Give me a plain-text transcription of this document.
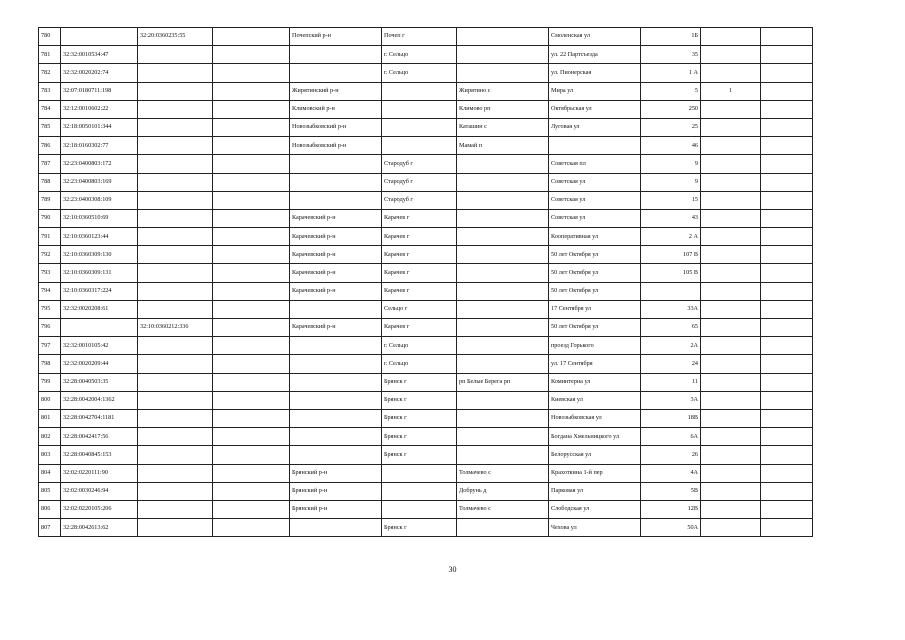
780		32:20:0360235:55		Почепский р-н	Почеп г		Смоленская ул	1Б		
781	32:32:0010534:47				г. Сельцо		ул. 22 Партсъезда	35		
782	32:32:0020202:74				г. Сельцо		ул. Пионерская	1 А		
783	32:07:0180711:198			Жирятинский р-н		Жирятино с	Мира ул	5	1	
784	32:12:0010602:22			Климовский р-н		Климово рп	Октябрьская ул	250		
785	32:18:0050101:344			Новозыбковский р-н		Каташин с	Луговая ул	25		
786	32:18:0160302:77			Новозыбковский р-н		Мамай п		46		
787	32:23:0400803:172				Стародуб г		Советская пл	9		
788	32:23:0400803:169				Стародуб г		Советская ул	9		
789	32:23:0400308:109				Стародуб г		Советская ул	15		
790	32:10:0360510:69			Карачевский р-н	Карачев г		Советская ул	43		
791	32:10:0360123:44			Карачевский р-н	Карачев г		Кооперативная ул	2 А		
792	32:10:0360309:130			Карачевский р-н	Карачев г		50 лет Октября ул	107 В		
793	32:10:0360309:131			Карачевский р-н	Карачев г		50 лет Октября ул	105 В		
794	32:10:0360317:224			Карачевский р-н	Карачев г		50 лет Октября ул			
795	32:32:0020208:61				Сельцо г		17 Сентября ул	33А		
796		32:10:0360212:336		Карачевский р-н	Карачев г		50 лет Октября ул	65		
797	32:32:0010105:42				г. Сельцо		проезд Горького	2А		
798	32:32:0020209:44				г. Сельцо		ул. 17 Сентября	24		
799	32:28:0040503:35				Брянск г	рп Белые Берега рп	Коминтерна ул	11		
800	32:28:0042004:1362				Брянск г		Киевская ул	3А		
801	32:28:0042704:1181				Брянск г		Новозыбковская ул	18В		
802	32:28:0042417:56				Брянск г		Богдана Хмельницкого ул	6А		
803	32:28:0040845:153				Брянск г		Белорусская ул	26		
804	32:02:0220111:90			Брянский р-н		Толмачево с	Крахоткина 1-й пер	4А		
805	32:02:0030246:94			Брянский р-н		Добрунь д	Парковая ул	5В		
806	32:02:0220105:206			Брянский р-н		Толмачево с	Слободская ул	12В		
807	32:28:0042613:62				Брянск г		Чехова ул	50А		
30
